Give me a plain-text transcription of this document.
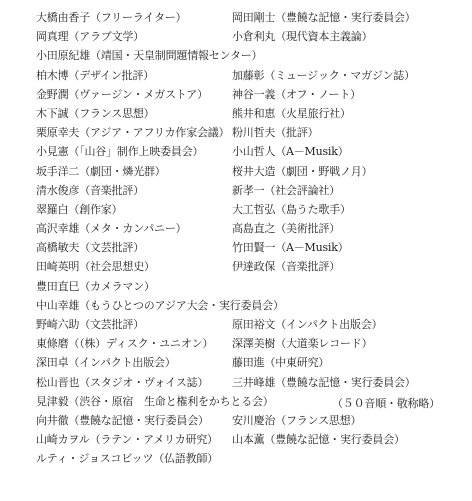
大橋由香子（フリーライター）
岡真理（アラブ文学）
小田原紀雄（靖国・天皇制問題情報センター）
柏木博（デザイン批評）
金野潤（ヴァージン・メガストア）
木下誠（フランス思想）
栗原幸夫（アジア・アフリカ作家会議）
小見憲（「山谷」制作上映委員会）
坂手洋二（劇団・燐光群）
清水俊彦（音楽批評）
翠羅白（創作家）
高沢幸雄（メタ・カンパニー）
高橋敏夫（文芸批評）
田崎英明（社会思想史）
豊田直巳（カメラマン）
中山幸雄（もうひとつのアジア大会・実行委員会）
野崎六助（文芸批評）
東條磨（（株）ディスク・ユニオン）
深田卓（インパクト出版会）
松山晋也（スタジオ・ヴォイス誌）
見津毅（渋谷・原宿　生命と権利をかちとる会）
向井徹（豊饒な記憶・実行委員会）
山崎カヲル（ラテン・アメリカ研究）
ルティ・ジョスコビッツ（仏語教師）
岡田剛士（豊饒な記憶・実行委員会）
小倉利丸（現代資本主義論）
加藤彰（ミュージック・マガジン誌）
神谷一義（オフ・ノート）
熊井和恵（火星旅行社）
粉川哲夫（批評）
小山哲人（A－Musik）
桜井大造（劇団・野戦ノ月）
新孝一（社会評論社）
大工哲弘（島うた歌手）
高島直之（美術批評）
竹田賢一（A－Musik）
伊達政保（音楽批評）
原田裕文（インパクト出版会）
深澤美樹（大道楽レコード）
藤田進（中東研究）
三井峰雄（豊饒な記憶・実行委員会）
安川慶治（フランス思想）
山本薫（豊饒な記憶・実行委員会）
（５０音順・敬称略）
